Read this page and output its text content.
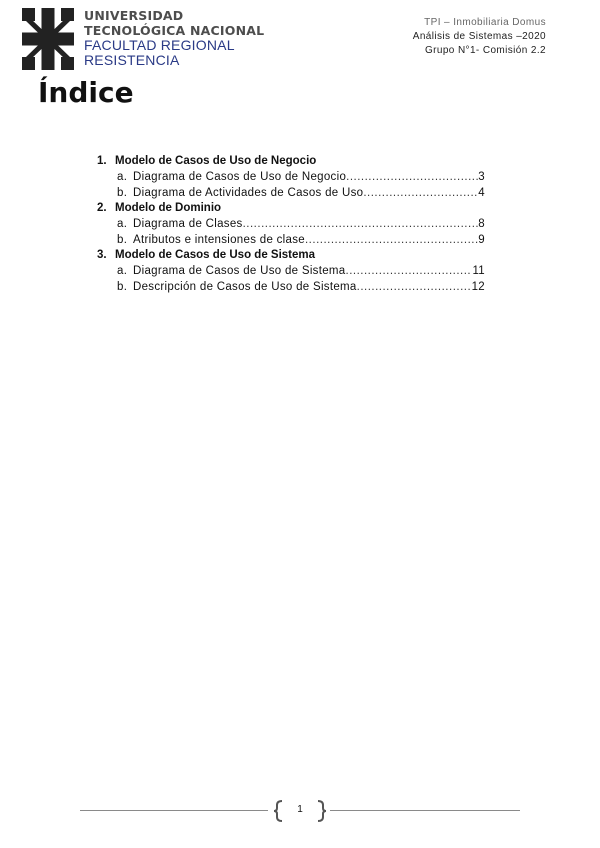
UNIVERSIDAD
TECNOLÓGICA NACIONAL
FACULTAD REGIONAL
RESISTENCIA
TPI – Inmobiliaria Domus
Análisis de Sistemas –2020
Grupo N°1- Comisión 2.2
Índice
1. Modelo de Casos de Uso de Negocio
a. Diagrama de Casos de Uso de Negocio .....	3
b. Diagrama de Actividades de Casos de Uso .....	4
2. Modelo de Dominio
a. Diagrama de Clases .....	8
b. Atributos e intensiones de clase .....	9
3. Modelo de Casos de Uso de Sistema
a. Diagrama de Casos de Uso de Sistema .....	11
b. Descripción de Casos de Uso de Sistema .....	12
1
